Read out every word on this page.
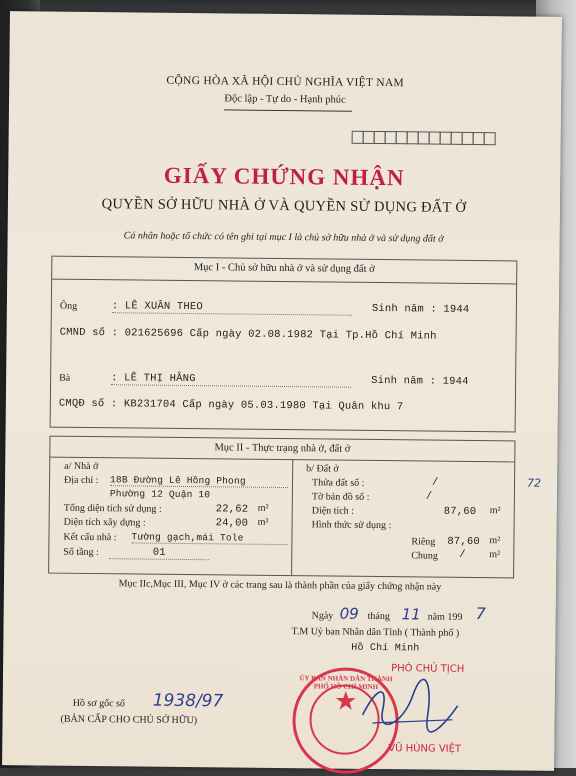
CỘNG HÒA XÃ HỘI CHỦ NGHĨA VIỆT NAM
Độc lập - Tự do - Hạnh phúc
GIẤY CHỨNG NHẬN
QUYỀN SỞ HỮU NHÀ Ở VÀ QUYỀN SỬ DỤNG ĐẤT Ở
Cá nhân hoặc tổ chức có tên ghi tại mục I là chủ sở hữu nhà ở và sử dụng đất ở
Mục I - Chủ sở hữu nhà ở và sử dụng đất ở
Ông	: LÊ XUÂN THEO	Sinh năm : 1944
CMND số : 021625696 Cấp ngày 02.08.1982 Tại Tp.Hồ Chí Minh
Bà	: LÊ THỊ HẰNG	Sinh năm : 1944
CMQĐ số : KB231704 Cấp ngày 05.03.1980 Tại Quân khu 7
Mục II - Thực trạng nhà ở, đất ở
a/ Nhà ở
Địa chỉ : 18B Đường Lê Hồng Phong
Phường 12 Quận 10
Tổng diện tích sử dụng :	22,62 m²
Diện tích xây dựng :	24,00 m²
Kết cấu nhà : Tường gạch,mái Tole
Số tầng :	01
b/ Đất ở
Thửa đất số :	/
Tờ bản đồ số :	/
Diện tích :	87,60 m²
Hình thức sử dụng :
Riêng 87,60 m²
Chung / m²
Mục IIc,Mục III, Mục IV ở các trang sau là thành phần của giấy chứng nhận này
Ngày 09 tháng 11 năm 199 7
T.M Uỷ ban Nhân dân Tỉnh ( Thành phố )
Hồ Chí Minh
PHÓ CHỦ TỊCH
ỦY BAN NHÂN DÂN THÀNH PHỐ HỒ CHÍ MINH
★
VŨ HÙNG VIỆT
Hồ sơ gốc số 1938/97
(BẢN CẤP CHO CHỦ SỞ HỮU)
72
